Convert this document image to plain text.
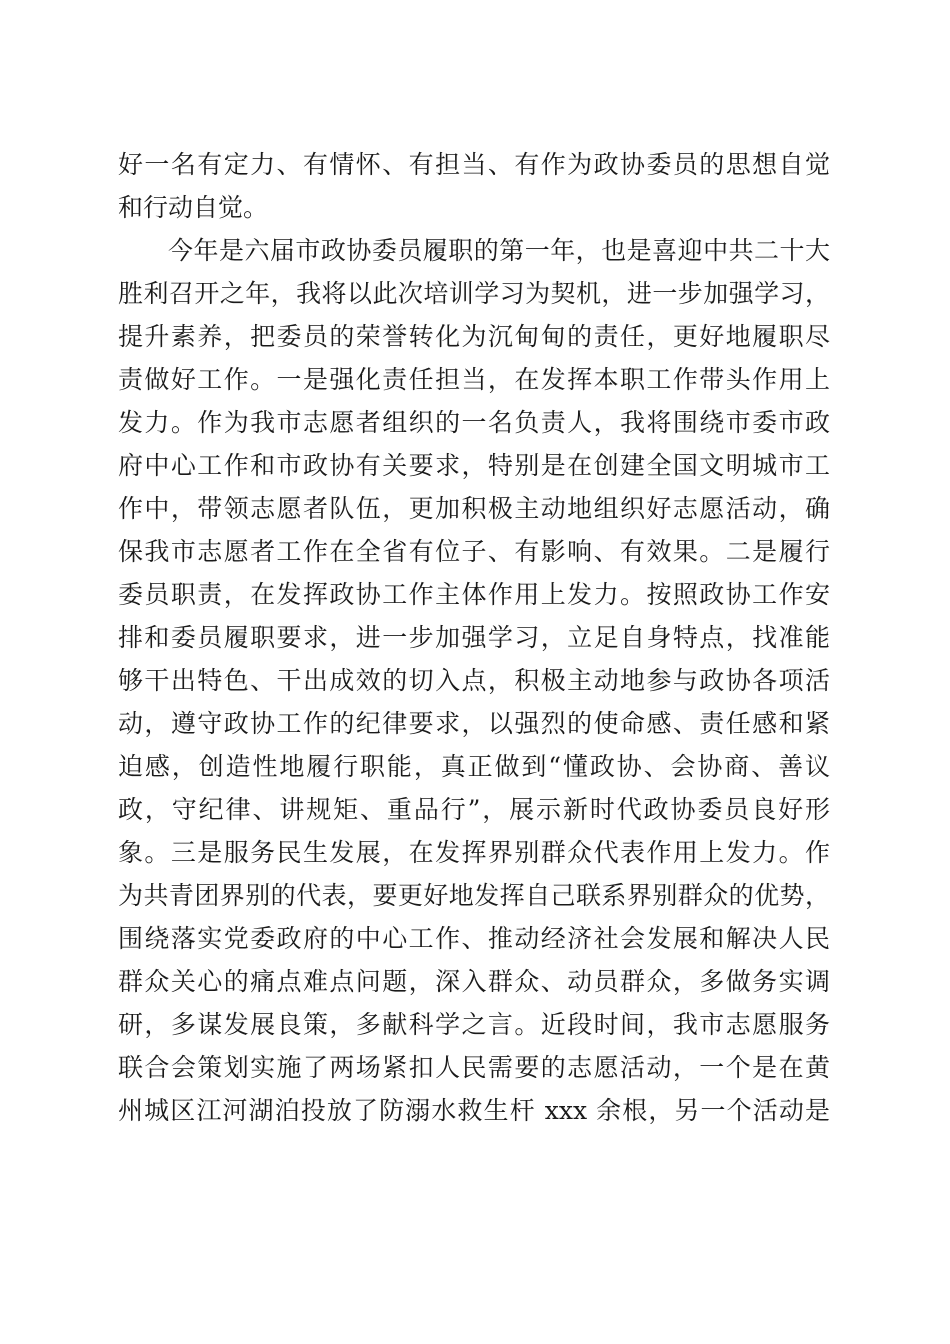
好一名有定力、有情怀、有担当、有作为政协委员的思想自觉
和行动自觉。
今年是六届市政协委员履职的第一年，也是喜迎中共二十大
胜利召开之年，我将以此次培训学习为契机，进一步加强学习，
提升素养，把委员的荣誉转化为沉甸甸的责任，更好地履职尽
责做好工作。一是强化责任担当，在发挥本职工作带头作用上
发力。作为我市志愿者组织的一名负责人，我将围绕市委市政
府中心工作和市政协有关要求，特别是在创建全国文明城市工
作中，带领志愿者队伍，更加积极主动地组织好志愿活动，确
保我市志愿者工作在全省有位子、有影响、有效果。二是履行
委员职责，在发挥政协工作主体作用上发力。按照政协工作安
排和委员履职要求，进一步加强学习，立足自身特点，找准能
够干出特色、干出成效的切入点，积极主动地参与政协各项活
动，遵守政协工作的纪律要求，以强烈的使命感、责任感和紧
迫感，创造性地履行职能，真正做到“懂政协、会协商、善议
政，守纪律、讲规矩、重品行”，展示新时代政协委员良好形
象。三是服务民生发展，在发挥界别群众代表作用上发力。作
为共青团界别的代表，要更好地发挥自己联系界别群众的优势，
围绕落实党委政府的中心工作、推动经济社会发展和解决人民
群众关心的痛点难点问题，深入群众、动员群众，多做务实调
研，多谋发展良策，多献科学之言。近段时间，我市志愿服务
联合会策划实施了两场紧扣人民需要的志愿活动，一个是在黄
州城区江河湖泊投放了防溺水救生杆 xxx 余根，另一个活动是
